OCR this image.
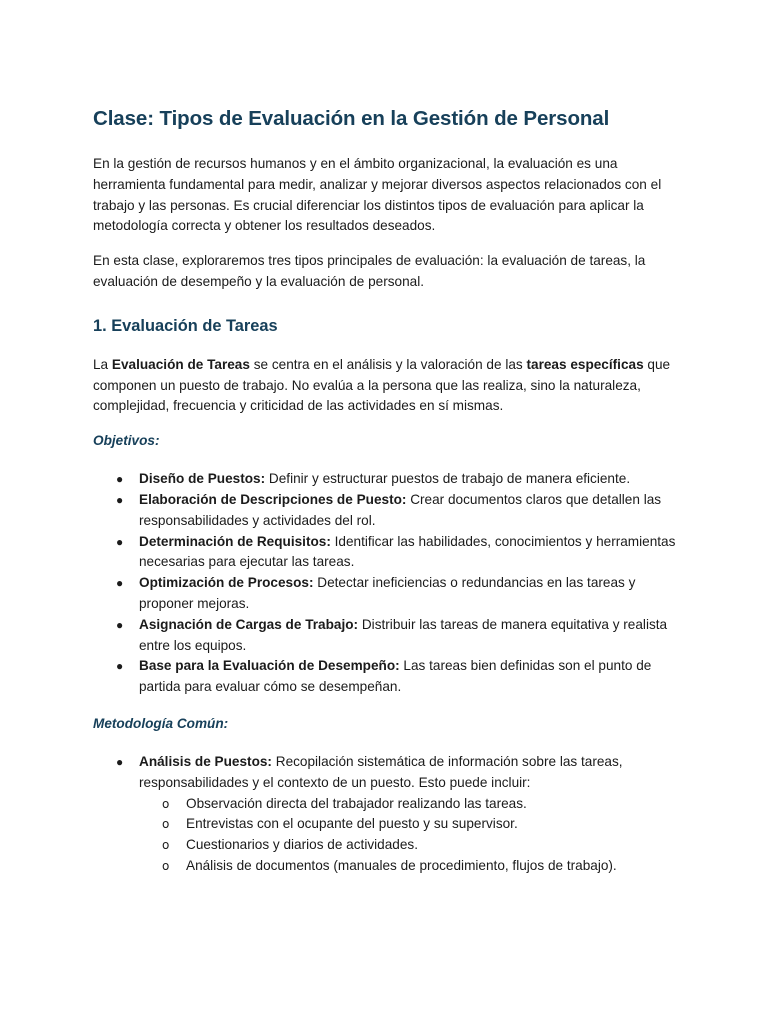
Clase: Tipos de Evaluación en la Gestión de Personal

En la gestión de recursos humanos y en el ámbito organizacional, la evaluación es una herramienta fundamental para medir, analizar y mejorar diversos aspectos relacionados con el trabajo y las personas. Es crucial diferenciar los distintos tipos de evaluación para aplicar la metodología correcta y obtener los resultados deseados.

En esta clase, exploraremos tres tipos principales de evaluación: la evaluación de tareas, la evaluación de desempeño y la evaluación de personal.

1. Evaluación de Tareas

La Evaluación de Tareas se centra en el análisis y la valoración de las tareas específicas que componen un puesto de trabajo. No evalúa a la persona que las realiza, sino la naturaleza, complejidad, frecuencia y criticidad de las actividades en sí mismas.

Objetivos:
● Diseño de Puestos: Definir y estructurar puestos de trabajo de manera eficiente.
● Elaboración de Descripciones de Puesto: Crear documentos claros que detallen las responsabilidades y actividades del rol.
● Determinación de Requisitos: Identificar las habilidades, conocimientos y herramientas necesarias para ejecutar las tareas.
● Optimización de Procesos: Detectar ineficiencias o redundancias en las tareas y proponer mejoras.
● Asignación de Cargas de Trabajo: Distribuir las tareas de manera equitativa y realista entre los equipos.
● Base para la Evaluación de Desempeño: Las tareas bien definidas son el punto de partida para evaluar cómo se desempeñan.
Metodología Común:
● Análisis de Puestos: Recopilación sistemática de información sobre las tareas, responsabilidades y el contexto de un puesto. Esto puede incluir:
o Observación directa del trabajador realizando las tareas.
o Entrevistas con el ocupante del puesto y su supervisor.
o Cuestionarios y diarios de actividades.
o Análisis de documentos (manuales de procedimiento, flujos de trabajo).
